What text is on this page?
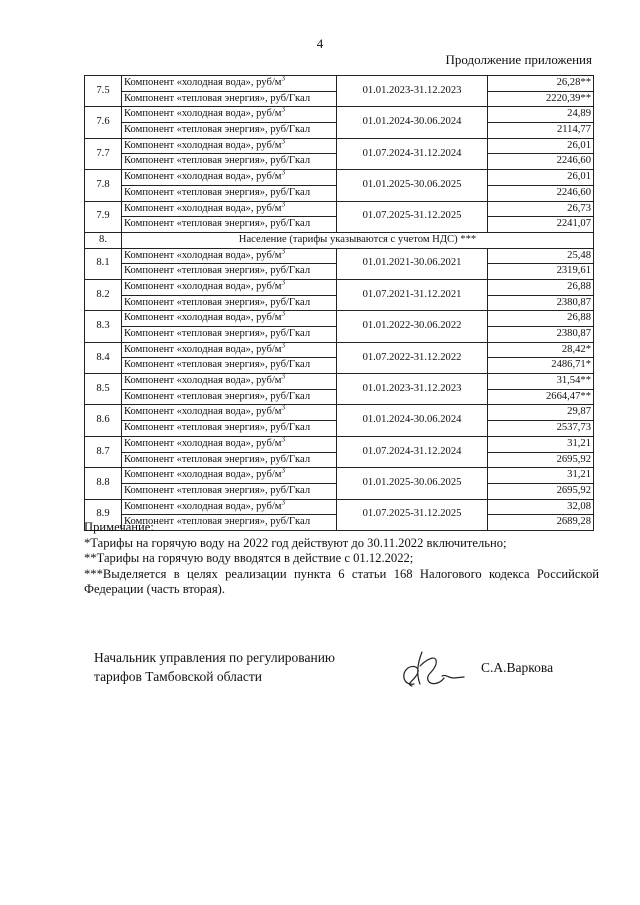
4
Продолжение приложения
7.5	Компонент «холодная вода», руб/$м^3$	01.01.2023-31.12.2023	26,28**
	Компонент «тепловая энергия», руб/Гкал		2220,39**
7.6	Компонент «холодная вода», руб/$м^3$	01.01.2024-30.06.2024	24,89
	Компонент «тепловая энергия», руб/Гкал		2114,77
7.7	Компонент «холодная вода», руб/$м^3$	01.07.2024-31.12.2024	26,01
	Компонент «тепловая энергия», руб/Гкал		2246,60
7.8	Компонент «холодная вода», руб/$м^3$	01.01.2025-30.06.2025	26,01
	Компонент «тепловая энергия», руб/Гкал		2246,60
7.9	Компонент «холодная вода», руб/$м^3$	01.07.2025-31.12.2025	26,73
	Компонент «тепловая энергия», руб/Гкал		2241,07
8.	Население (тарифы указываются с учетом НДС) ***		
8.1	Компонент «холодная вода», руб/$м^3$	01.01.2021-30.06.2021	25,48
	Компонент «тепловая энергия», руб/Гкал		2319,61
8.2	Компонент «холодная вода», руб/$м^3$	01.07.2021-31.12.2021	26,88
	Компонент «тепловая энергия», руб/Гкал		2380,87
8.3	Компонент «холодная вода», руб/$м^3$	01.01.2022-30.06.2022	26,88
	Компонент «тепловая энергия», руб/Гкал		2380,87
8.4	Компонент «холодная вода», руб/$м^3$	01.07.2022-31.12.2022	28,42*
	Компонент «тепловая энергия», руб/Гкал		2486,71*
8.5	Компонент «холодная вода», руб/$м^3$	01.01.2023-31.12.2023	31,54**
	Компонент «тепловая энергия», руб/Гкал		2664,47**
8.6	Компонент «холодная вода», руб/$м^3$	01.01.2024-30.06.2024	29,87
	Компонент «тепловая энергия», руб/Гкал		2537,73
8.7	Компонент «холодная вода», руб/$м^3$	01.07.2024-31.12.2024	31,21
	Компонент «тепловая энергия», руб/Гкал		2695,92
8.8	Компонент «холодная вода», руб/$м^3$	01.01.2025-30.06.2025	31,21
	Компонент «тепловая энергия», руб/Гкал		2695,92
8.9	Компонент «холодная вода», руб/$м^3$	01.07.2025-31.12.2025	32,08
	Компонент «тепловая энергия», руб/Гкал		2689,28

Примечание:

*Тарифы на горячую воду на 2022 год действуют до 30.11.2022 включительно;

**Тарифы на горячую воду вводятся в действие с 01.12.2022;

***Выделяется в целях реализации пункта 6 статьи 168 Налогового кодекса Российской Федерации (часть вторая).

Начальник управления по регулированию
тарифов Тамбовской области
С.А.Варкова
